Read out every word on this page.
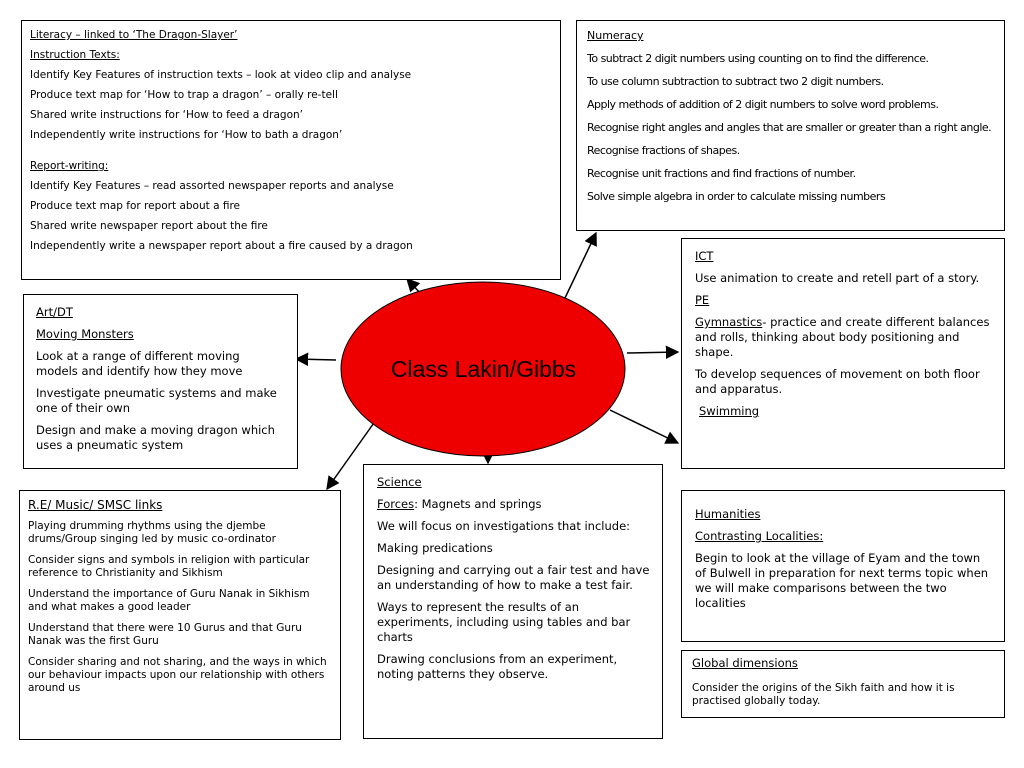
Class Lakin/Gibbs

Literacy – linked to ‘The Dragon-Slayer’

Instruction Texts:

Identify Key Features of instruction texts – look at video clip and analyse

Produce text map for ‘How to trap a dragon’ – orally re-tell

Shared write instructions for ‘How to feed a dragon’

Independently write instructions for ‘How to bath a dragon’

Report-writing:

Identify Key Features – read assorted newspaper reports and analyse

Produce text map for report about a fire

Shared write newspaper report about the fire

Independently write a newspaper report about a fire caused by a dragon

Numeracy

To subtract 2 digit numbers using counting on to find the difference.

To use column subtraction to subtract two 2 digit numbers.

Apply methods of addition of 2 digit numbers to solve word problems.

Recognise right angles and angles that are smaller or greater than a right angle.

Recognise fractions of shapes.

Recognise unit fractions and find fractions of number.

Solve simple algebra in order to calculate missing numbers

Art/DT

Moving Monsters

Look at a range of different moving models and identify how they move

Investigate pneumatic systems and make one of their own

Design and make a moving dragon which uses a pneumatic system

ICT

Use animation to create and retell part of a story.

PE

Gymnastics- practice and create different balances and rolls, thinking about body positioning and shape.

To develop sequences of movement on both floor and apparatus.

Swimming

R.E/ Music/ SMSC links

Playing drumming rhythms using the djembe drums/Group singing led by music co-ordinator

Consider signs and symbols in religion with particular reference to Christianity and Sikhism

Understand the importance of Guru Nanak in Sikhism and what makes a good leader

Understand that there were 10 Gurus and that Guru Nanak was the first Guru

Consider sharing and not sharing, and the ways in which our behaviour impacts upon our relationship with others around us

Science

Forces: Magnets and springs

We will focus on investigations that include:

Making predications

Designing and carrying out a fair test and have an understanding of how to make a test fair.

Ways to represent the results of an experiments, including using tables and bar charts

Drawing conclusions from an experiment, noting patterns they observe.

Humanities

Contrasting Localities:

Begin to look at the village of Eyam and the town of Bulwell in preparation for next terms topic when we will make comparisons between the two localities

Global dimensions

Consider the origins of the Sikh faith and how it is practised globally today.
